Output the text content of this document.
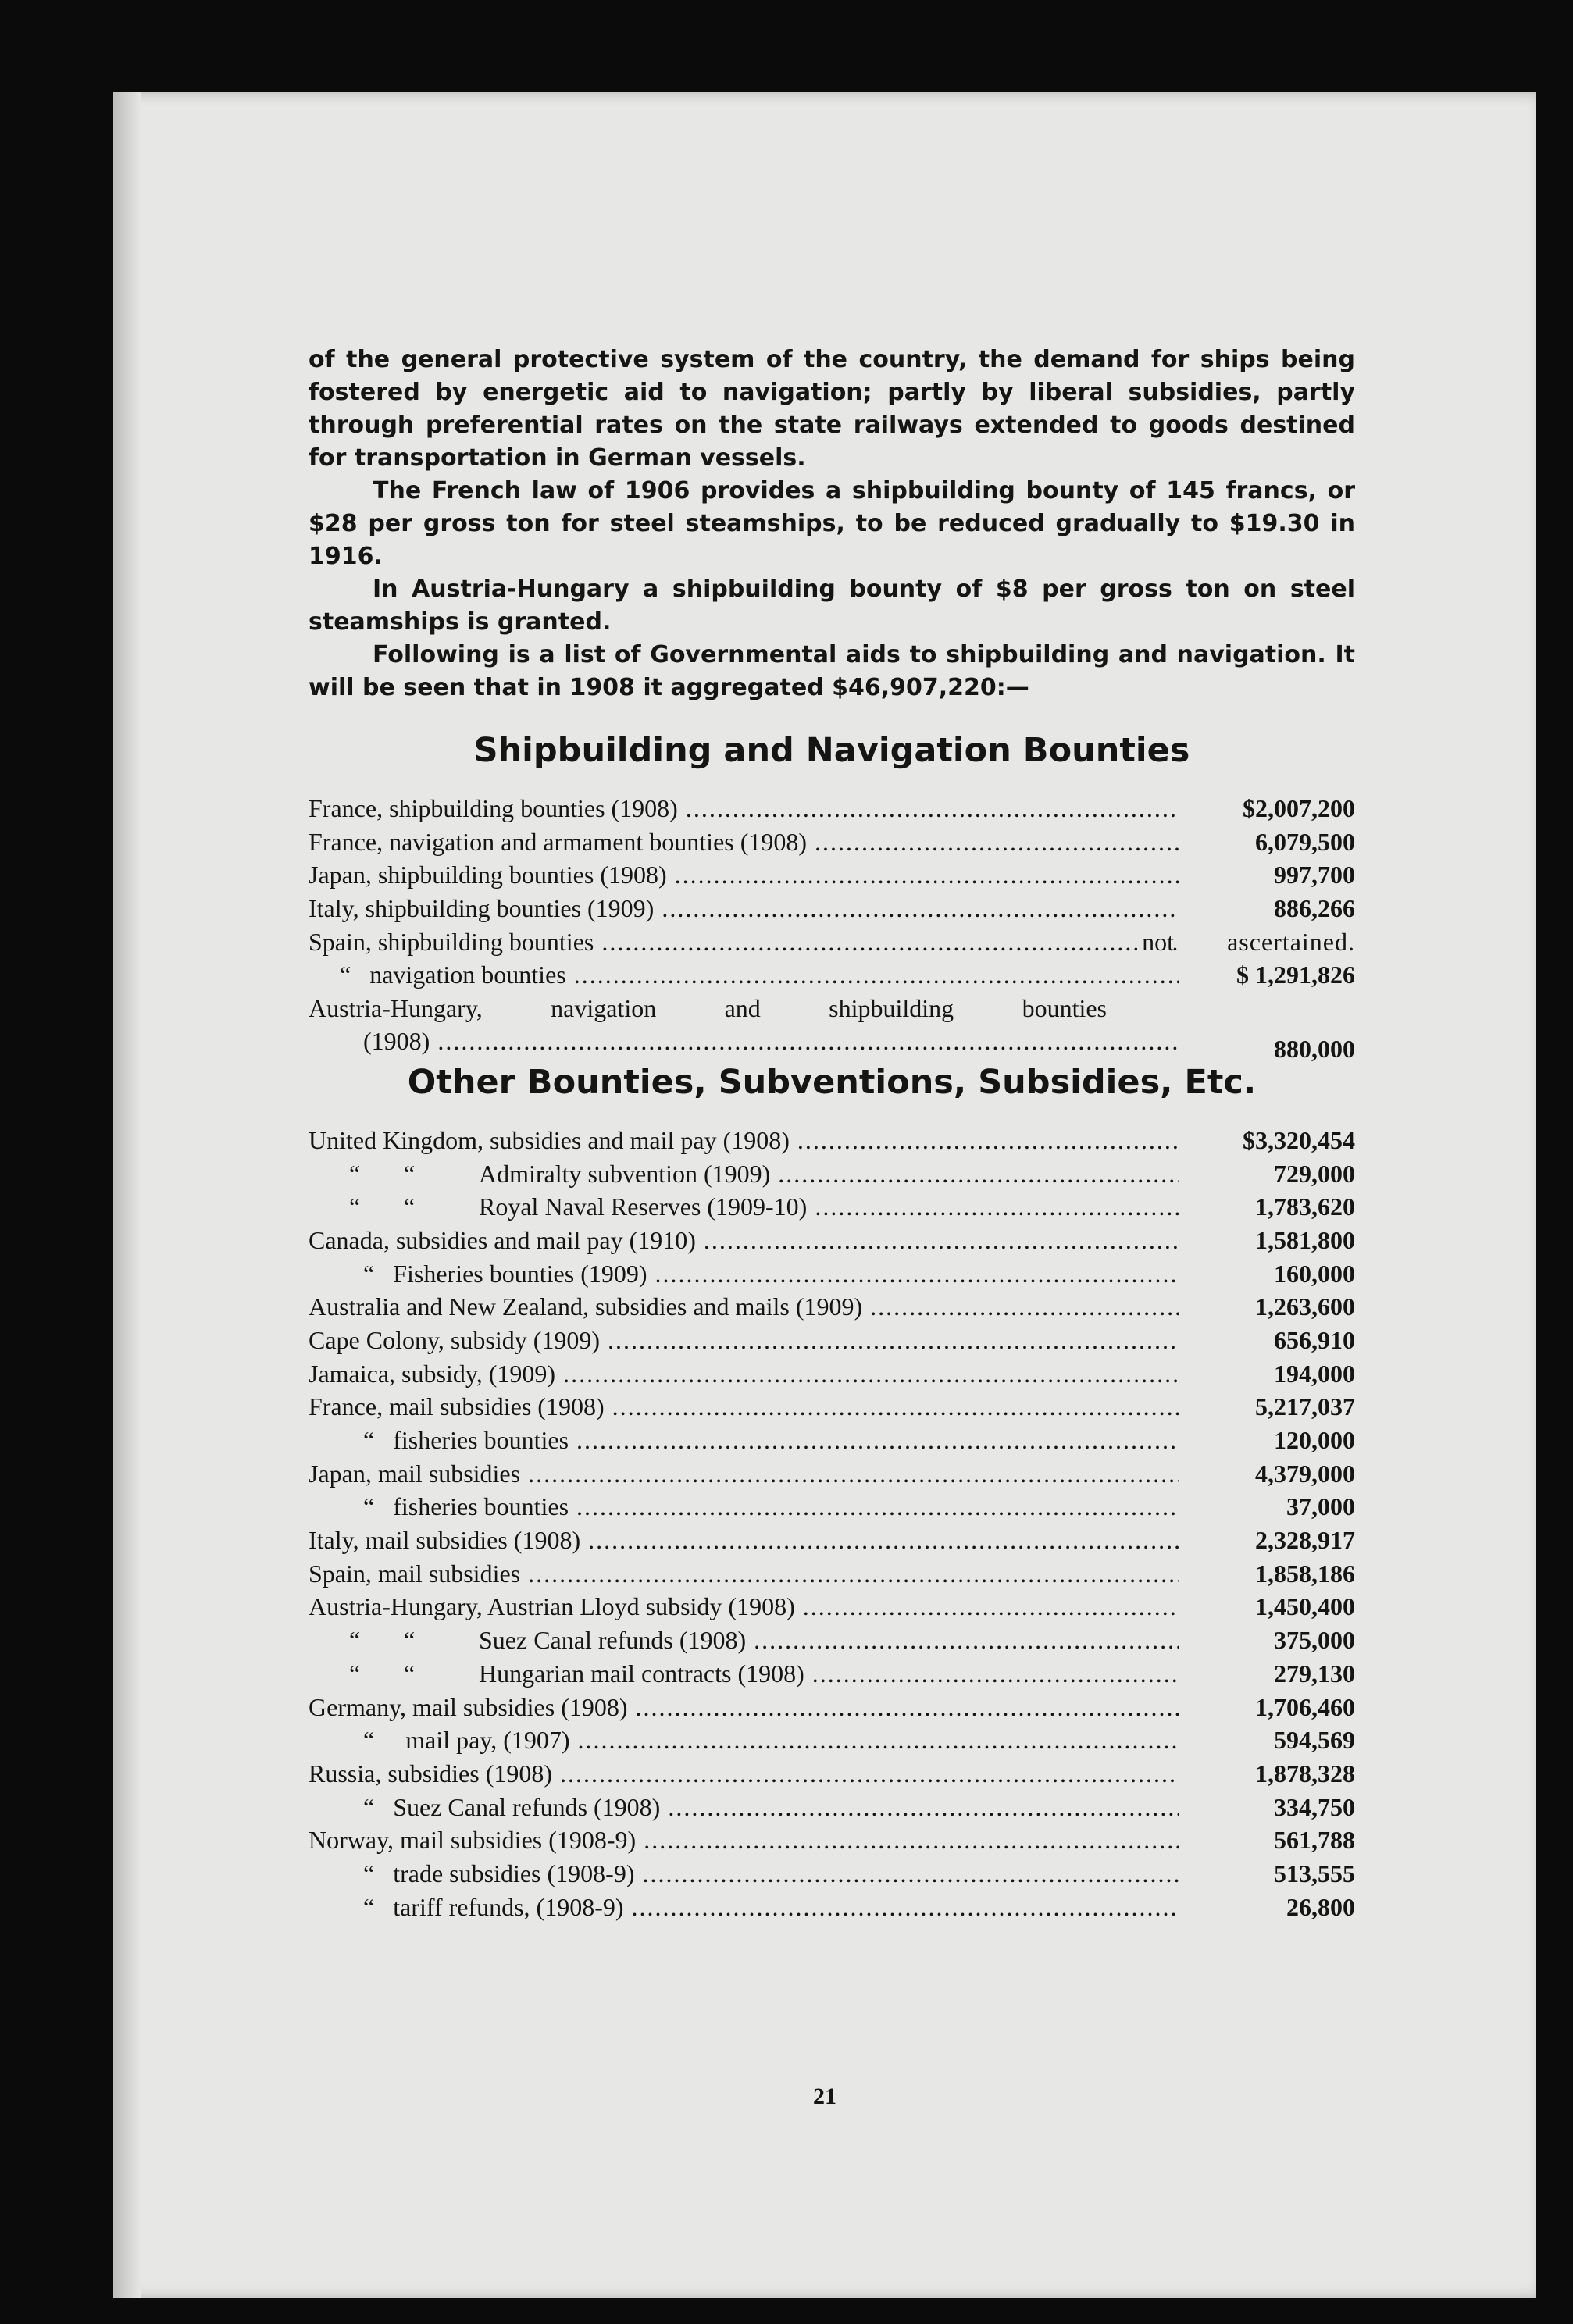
of the general protective system of the country, the demand for ships being fostered by energetic aid to navigation; partly by liberal subsidies, partly through preferential rates on the state railways extended to goods destined for transportation in German vessels.

The French law of 1906 provides a shipbuilding bounty of 145 francs, or $28 per gross ton for steel steamships, to be reduced gradually to $19.30 in 1916.

In Austria-Hungary a shipbuilding bounty of $8 per gross ton on steel steamships is granted.

Following is a list of Governmental aids to shipbuilding and navigation. It will be seen that in 1908 it aggregated $46,907,220:—

Shipbuilding and Navigation Bounties
France, shipbuilding bounties (1908) .....	$2,007,200
France, navigation and armament bounties (1908) .....	6,079,500
Japan, shipbuilding bounties (1908) .....	997,700
Italy, shipbuilding bounties (1909) .....	886,266
Spain, shipbuilding bounties .....	not	ascertained.
“ navigation bounties .....	$ 1,291,826
Austria-Hungary, navigation and shipbuilding bounties
(1908) .....	880,000
Other Bounties, Subventions, Subsidies, Etc.
United Kingdom, subsidies and mail pay (1908) .....	$3,320,454
“ “	Admiralty subvention (1909) .....	729,000
“ “	Royal Naval Reserves (1909-10) .....	1,783,620
Canada, subsidies and mail pay (1910) .....	1,581,800
“ Fisheries bounties (1909) .....	160,000
Australia and New Zealand, subsidies and mails (1909) .....	1,263,600
Cape Colony, subsidy (1909) .....	656,910
Jamaica, subsidy, (1909) .....	194,000
France, mail subsidies (1908) .....	5,217,037
“ fisheries bounties .....	120,000
Japan, mail subsidies .....	4,379,000
“ fisheries bounties .....	37,000
Italy, mail subsidies (1908) .....	2,328,917
Spain, mail subsidies .....	1,858,186
Austria-Hungary, Austrian Lloyd subsidy (1908) .....	1,450,400
“ “	Suez Canal refunds (1908) .....	375,000
“ “	Hungarian mail contracts (1908) .....	279,130
Germany, mail subsidies (1908) .....	1,706,460
“ mail pay, (1907) .....	594,569
Russia, subsidies (1908) .....	1,878,328
“ Suez Canal refunds (1908) .....	334,750
Norway, mail subsidies (1908-9) .....	561,788
“ trade subsidies (1908-9) .....	513,555
“ tariff refunds, (1908-9) .....	26,800
21
